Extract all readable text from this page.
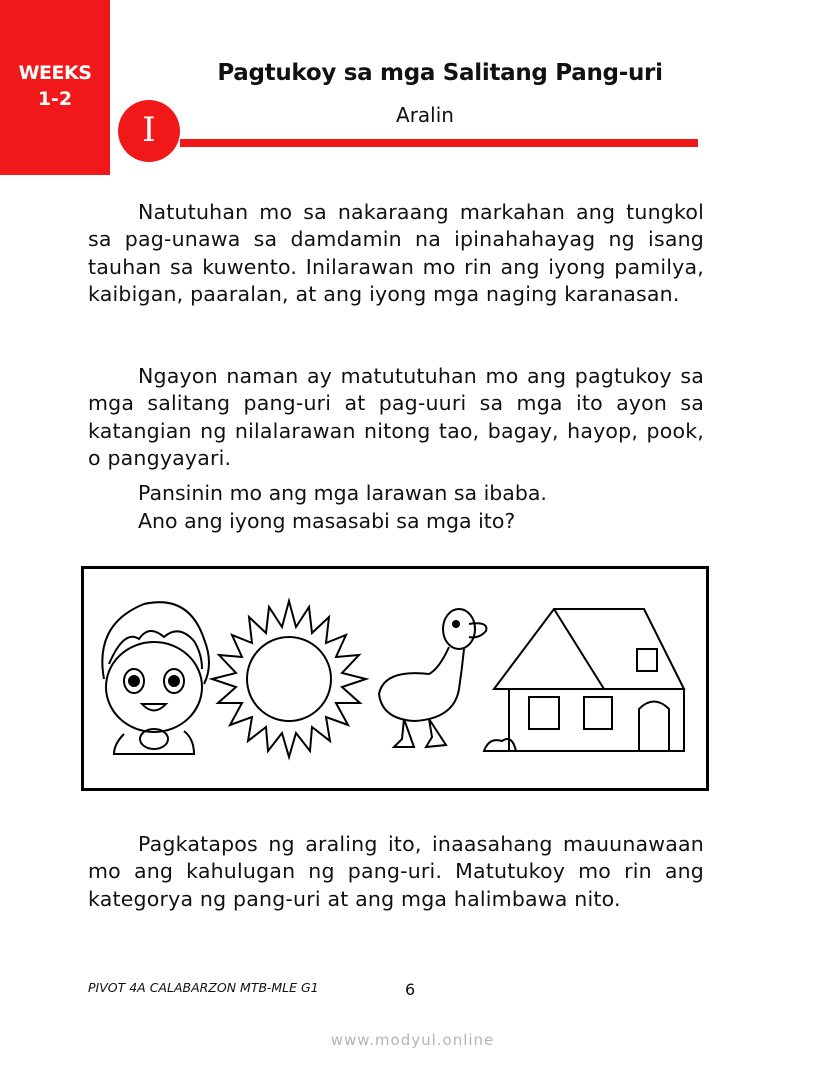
WEEKS
1-2
Pagtukoy sa mga Salitang Pang-uri
I	Aralin

Natutuhan mo sa nakaraang markahan ang tungkol sa pag-unawa sa damdamin na ipinahahayag ng isang tauhan sa kuwento. Inilarawan mo rin ang iyong pamilya, kaibigan, paaralan, at ang iyong mga naging karanasan.

Ngayon naman ay matututuhan mo ang pagtukoy sa mga salitang pang-uri at pag-uuri sa mga ito ayon sa katangian ng nilalarawan nitong tao, bagay, hayop, pook, o pangyayari.

Pansinin mo ang mga larawan sa ibaba.
Ano ang iyong masasabi sa mga ito?

Pagkatapos ng araling ito, inaasahang mauunawaan mo ang kahulugan ng pang-uri. Matutukoy mo rin ang kategorya ng pang-uri at ang mga halimbawa nito.

PIVOT 4A CALABARZON MTB-MLE G1	6
www.modyul.online
